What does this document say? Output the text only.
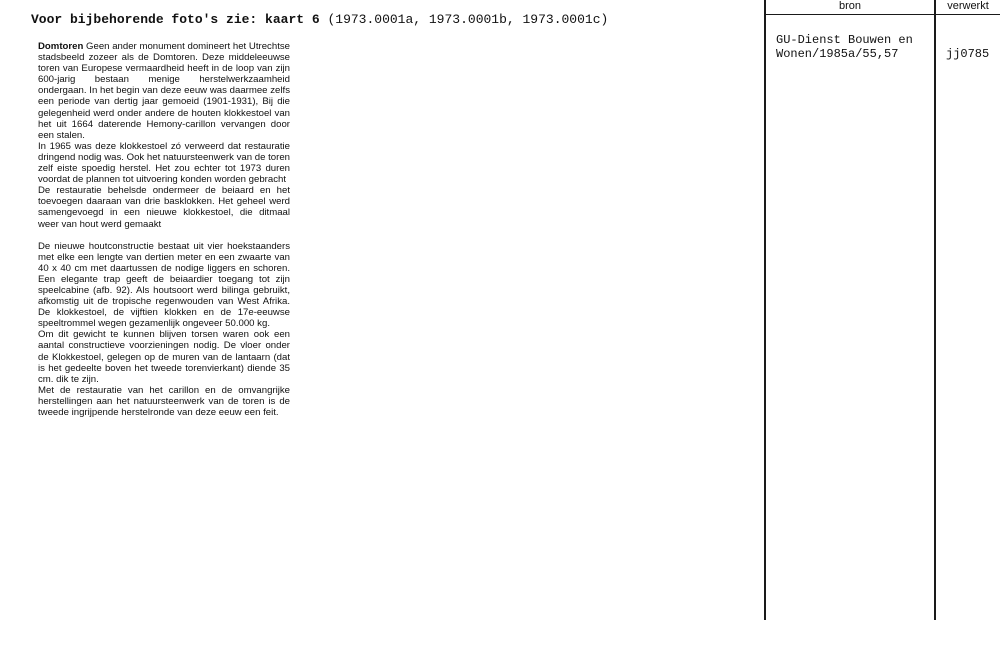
Voor bijbehorende foto's zie: kaart 6 (1973.0001a, 1973.0001b, 1973.0001c)

Domtoren Geen ander monument domineert het Utrechtse stadsbeeld zozeer als de Domtoren. Deze middeleeuwse toren van Europese vermaardheid heeft in de loop van zijn 600-jarig bestaan menige herstelwerkzaamheid ondergaan. In het begin van deze eeuw was daarmee zelfs een periode van dertig jaar gemoeid (1901-1931), Bij die gelegenheid werd onder andere de houten klokkestoel van het uit 1664 daterende Hemony-carillon vervangen door een stalen.

In 1965 was deze klokkestoel zó verweerd dat restauratie dringend nodig was. Ook het natuursteenwerk van de toren zelf eiste spoedig herstel. Het zou echter tot 1973 duren voordat de plannen tot uitvoering konden worden gebracht

De restauratie behelsde ondermeer de beiaard en het toevoegen daaraan van drie basklokken. Het geheel werd samengevoegd in een nieuwe klokkestoel, die ditmaal weer van hout werd gemaakt

De nieuwe houtconstructie bestaat uit vier hoekstaanders met elke een lengte van dertien meter en een zwaarte van 40 x 40 cm met daartussen de nodige liggers en schoren. Een elegante trap geeft de beiaardier toegang tot zijn speelcabine (afb. 92). Als houtsoort werd bilinga gebruikt, afkomstig uit de tropische regenwouden van West Afrika. De klokkestoel, de vijftien klokken en de 17e-eeuwse speeltrommel wegen gezamenlijk ongeveer 50.000 kg.

Om dit gewicht te kunnen blijven torsen waren ook een aantal constructieve voorzieningen nodig. De vloer onder de Klokkestoel, gelegen op de muren van de lantaarn (dat is het gedeelte boven het tweede torenvierkant) diende 35 cm. dik te zijn.

Met de restauratie van het carillon en de omvangrijke herstellingen aan het natuursteenwerk van de toren is de tweede ingrijpende herstelronde van deze eeuw een feit.

bron	verwerkt
GU-Dienst Bouwen en Wonen/1985a/55,57	jj0785
